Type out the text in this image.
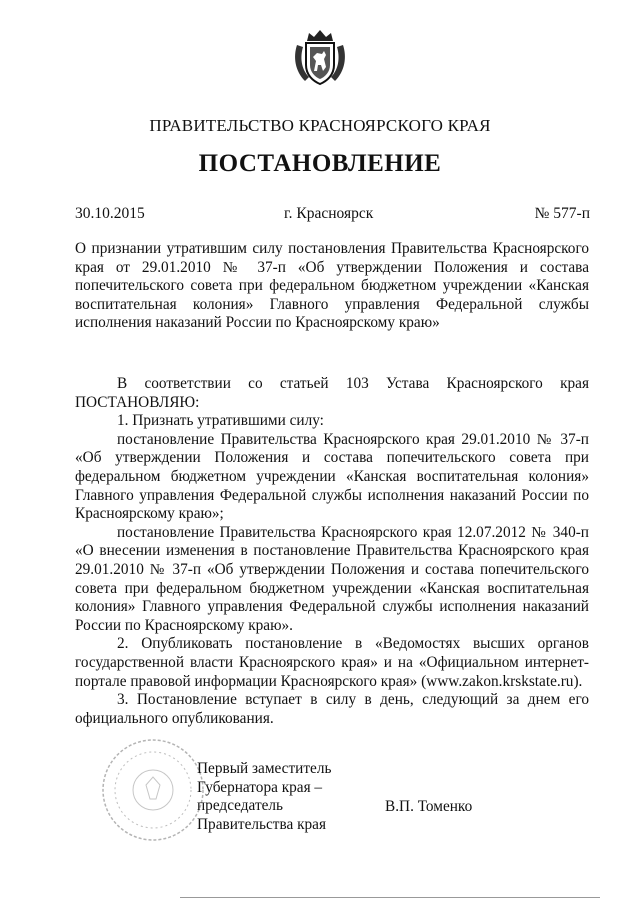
ПРАВИТЕЛЬСТВО КРАСНОЯРСКОГО КРАЯ
ПОСТАНОВЛЕНИЕ
30.10.2015	г. Красноярск	№ 577-п
О признании утратившим силу постановления Правительства Красноярского края от 29.01.2010 № 37-п «Об утверждении Положения и состава попечительского совета при федеральном бюджетном учреждении «Канская воспитательная колония» Главного управления Федеральной службы исполнения наказаний России по Красноярскому краю»

В соответствии со статьей 103 Устава Красноярского края

ПОСТАНОВЛЯЮ:

1. Признать утратившими силу:

постановление Правительства Красноярского края 29.01.2010 № 37-п «Об утверждении Положения и состава попечительского совета при федеральном бюджетном учреждении «Канская воспитательная колония» Главного управления Федеральной службы исполнения наказаний России по Красноярскому краю»;

постановление Правительства Красноярского края 12.07.2012 № 340-п «О внесении изменения в постановление Правительства Красноярского края 29.01.2010 № 37-п «Об утверждении Положения и состава попечительского совета при федеральном бюджетном учреждении «Канская воспитательная колония» Главного управления Федеральной службы исполнения наказаний России по Красноярскому краю».

2. Опубликовать постановление в «Ведомостях высших органов государственной власти Красноярского края» и на «Официальном интернет-портале правовой информации Красноярского края» (www.zakon.krskstate.ru).

3. Постановление вступает в силу в день, следующий за днем его официального опубликования.

Первый заместитель
Губернатора края –
председатель
Правительства края
В.П. Томенко
